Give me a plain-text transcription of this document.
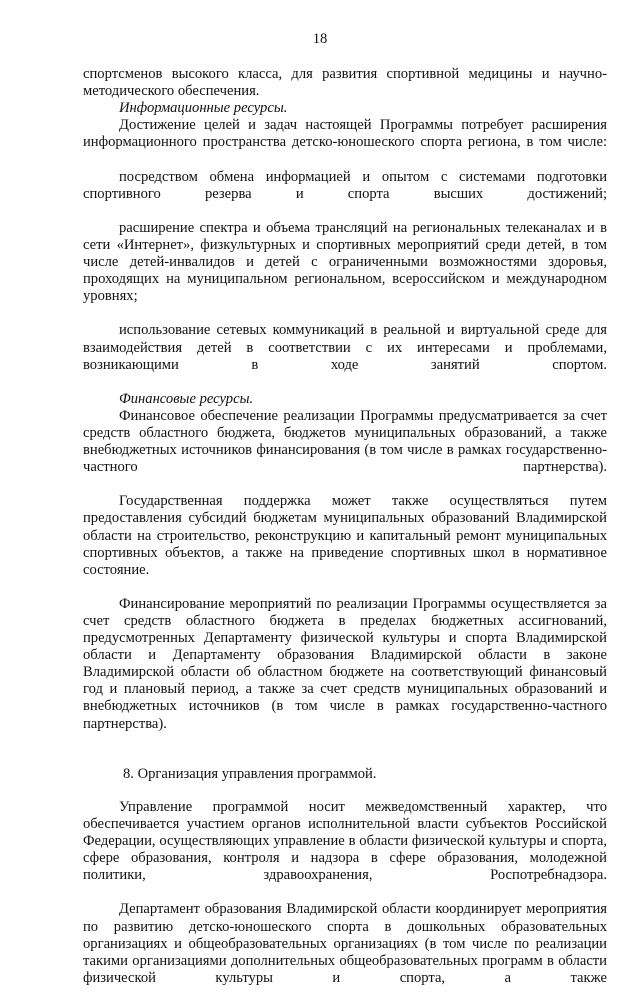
18

спортсменов высокого класса, для развития спортивной медицины и научно-методического обеспечения.

Информационные ресурсы.

Достижение целей и задач настоящей Программы потребует расширения информационного пространства детско-юношеского спорта региона, в том числе:

посредством обмена информацией и опытом с системами подготовки спортивного резерва и спорта высших достижений;

расширение спектра и объема трансляций на региональных телеканалах и в сети «Интернет», физкультурных и спортивных мероприятий среди детей, в том числе детей-инвалидов и детей с ограниченными возможностями здоровья, проходящих на муниципальном региональном, всероссийском и международном уровнях;

использование сетевых коммуникаций в реальной и виртуальной среде для взаимодействия детей в соответствии с их интересами и проблемами, возникающими в ходе занятий спортом.

Финансовые ресурсы.

Финансовое обеспечение реализации Программы предусматривается за счет средств областного бюджета, бюджетов муниципальных образований, а также внебюджетных источников финансирования (в том числе в рамках государственно-частного партнерства).

Государственная поддержка может также осуществляться путем предоставления субсидий бюджетам муниципальных образований Владимирской области на строительство, реконструкцию и капитальный ремонт муниципальных спортивных объектов, а также на приведение спортивных школ в нормативное состояние.

Финансирование мероприятий по реализации Программы осуществляется за счет средств областного бюджета в пределах бюджетных ассигнований, предусмотренных Департаменту физической культуры и спорта Владимирской области и Департаменту образования Владимирской области в законе Владимирской области об областном бюджете на соответствующий финансовый год и плановый период, а также за счет средств муниципальных образований и внебюджетных источников (в том числе в рамках государственно-частного партнерства).

8. Организация управления программой.

Управление программой носит межведомственный характер, что обеспечивается участием органов исполнительной власти субъектов Российской Федерации, осуществляющих управление в области физической культуры и спорта, сфере образования, контроля и надзора в сфере образования, молодежной политики, здравоохранения, Роспотребнадзора.

Департамент образования Владимирской области координирует мероприятия по развитию детско-юношеского спорта в дошкольных образовательных организациях и общеобразовательных организациях (в том числе по реализации такими организациями дополнительных общеобразовательных программ в области физической культуры и спорта, а также
